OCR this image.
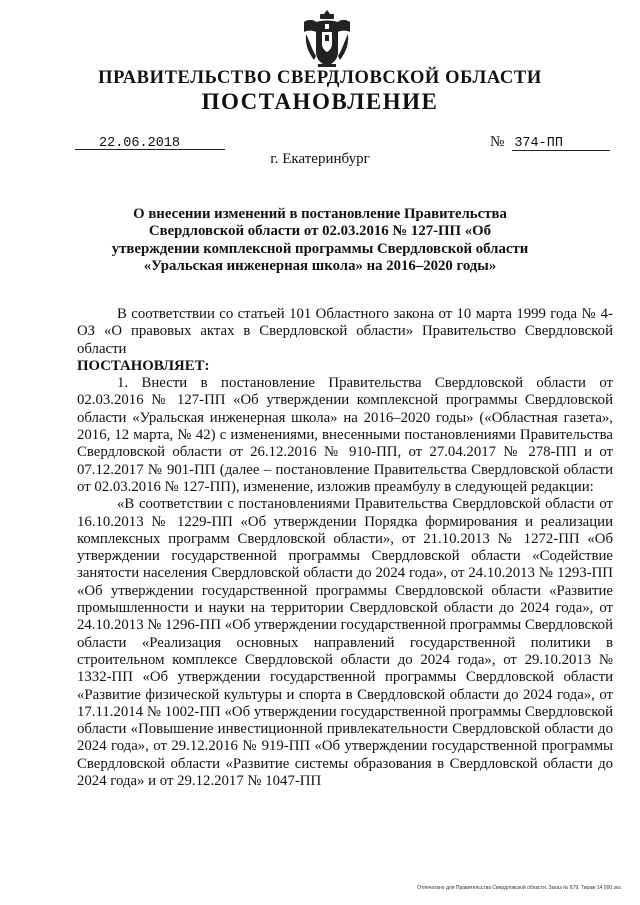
ПРАВИТЕЛЬСТВО СВЕРДЛОВСКОЙ ОБЛАСТИ
ПОСТАНОВЛЕНИЕ
22.06.2018	№ 374-ПП
г. Екатеринбург
О внесении изменений в постановление Правительства Свердловской области от 02.03.2016 № 127-ПП «Об утверждении комплексной программы Свердловской области «Уральская инженерная школа» на 2016–2020 годы»

В соответствии со статьей 101 Областного закона от 10 марта 1999 года № 4-ОЗ «О правовых актах в Свердловской области» Правительство Свердловской области

ПОСТАНОВЛЯЕТ:

1. Внести в постановление Правительства Свердловской области от 02.03.2016 № 127-ПП «Об утверждении комплексной программы Свердловской области «Уральская инженерная школа» на 2016–2020 годы» («Областная газета», 2016, 12 марта, № 42) с изменениями, внесенными постановлениями Правительства Свердловской области от 26.12.2016 № 910-ПП, от 27.04.2017 № 278-ПП и от 07.12.2017 № 901-ПП (далее – постановление Правительства Свердловской области от 02.03.2016 № 127-ПП), изменение, изложив преамбулу в следующей редакции:

«В соответствии с постановлениями Правительства Свердловской области от 16.10.2013 № 1229-ПП «Об утверждении Порядка формирования и реализации комплексных программ Свердловской области», от 21.10.2013 № 1272-ПП «Об утверждении государственной программы Свердловской области «Содействие занятости населения Свердловской области до 2024 года», от 24.10.2013 № 1293-ПП «Об утверждении государственной программы Свердловской области «Развитие промышленности и науки на территории Свердловской области до 2024 года», от 24.10.2013 № 1296-ПП «Об утверждении государственной программы Свердловской области «Реализация основных направлений государственной политики в строительном комплексе Свердловской области до 2024 года», от 29.10.2013 № 1332-ПП «Об утверждении государственной программы Свердловской области «Развитие физической культуры и спорта в Свердловской области до 2024 года», от 17.11.2014 № 1002-ПП «Об утверждении государственной программы Свердловской области «Повышение инвестиционной привлекательности Свердловской области до 2024 года», от 29.12.2016 № 919-ПП «Об утверждении государственной программы Свердловской области «Развитие системы образования в Свердловской области до 2024 года» и от 29.12.2017 № 1047-ПП

Отпечатано для Правительства Свердловской области. Заказ № 679. Тираж 14 000 экз.
